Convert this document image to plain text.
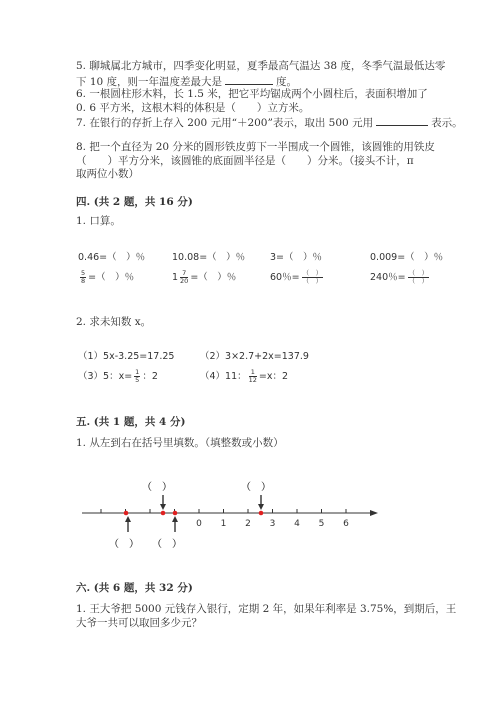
5. 聊城属北方城市，四季变化明显，夏季最高气温达 38 度，冬季气温最低达零
下 10 度，则一年温度差最大是	度。
6. 一根圆柱形木料，长 1.5 米，把它平均锯成两个小圆柱后，表面积增加了
0. 6 平方米，这根木料的体积是（　　）立方米。
7. 在银行的存折上存入 200 元用“＋200”表示，取出 500 元用	表示。
8. 把一个直径为 20 分米的圆形铁皮剪下一半围成一个圆锥，该圆锥的用铁皮
（　　）平方分米，该圆锥的底面圆半径是（　　）分米。（接头不计，π
取两位小数）
四. (共 2 题，共 16 分)
1. 口算。
0.46=（　）％	10.08=（　）％	3=（　）％	0.009=（　）％
$\frac{5}{8}$ =（　）％	$1 \frac{7}{20}$ =（　）％	60％= $\frac{( )}{( )}$	240％= $\frac{( )}{( )}$
2. 求未知数 x。
（1）5x-3.25=17.25	（2）3×2.7+2x=137.9
（3）5：$x= \frac{1}{5}$ ：2	（4）11： $\frac{1}{12} =x$：2
五. (共 1 题，共 4 分)
1. 从左到右在括号里填数。（填整数或小数）
0 1 2 3 4 5 6
（　）	（　）
（　） （　）
六. (共 6 题，共 32 分)
1. 王大爷把 5000 元钱存入银行，定期 2 年，如果年利率是 3.75%，到期后，王
大爷一共可以取回多少元？
